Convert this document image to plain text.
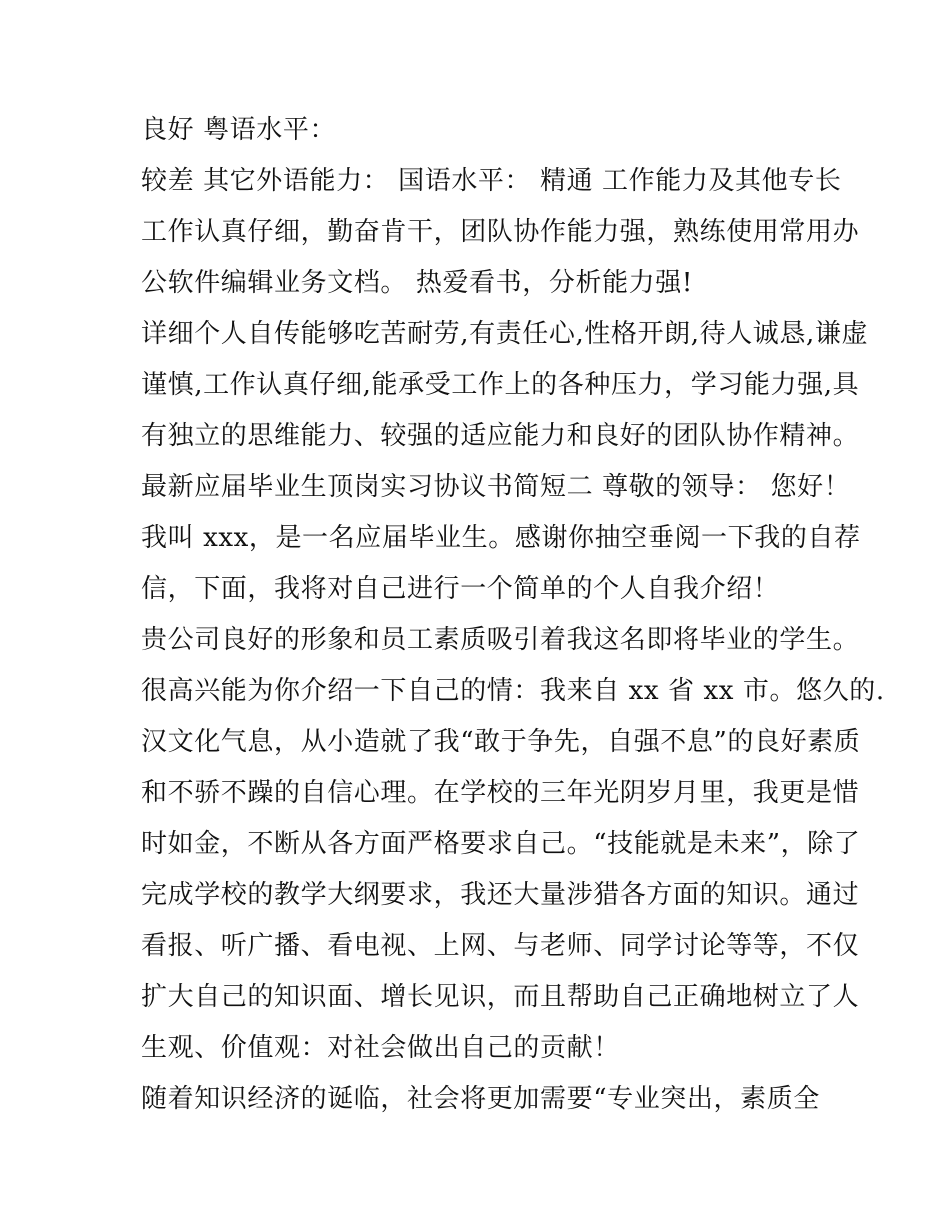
良好 粤语水平：
较差 其它外语能力： 国语水平： 精通 工作能力及其他专长
工作认真仔细，勤奋肯干，团队协作能力强，熟练使用常用办
公软件编辑业务文档。 热爱看书，分析能力强!
详细个人自传能够吃苦耐劳,有责任心,性格开朗,待人诚恳,谦虚
谨慎,工作认真仔细,能承受工作上的各种压力，学习能力强,具
有独立的思维能力、较强的适应能力和良好的团队协作精神。
最新应届毕业生顶岗实习协议书简短二 尊敬的领导： 您好！
我叫 xxx，是一名应届毕业生。感谢你抽空垂阅一下我的自荐
信，下面，我将对自己进行一个简单的个人自我介绍！
贵公司良好的形象和员工素质吸引着我这名即将毕业的学生。
很高兴能为你介绍一下自己的情：我来自 xx 省 xx 市。悠久的.
汉文化气息，从小造就了我“敢于争先，自强不息”的良好素质
和不骄不躁的自信心理。在学校的三年光阴岁月里，我更是惜
时如金，不断从各方面严格要求自己。“技能就是未来”，除了
完成学校的教学大纲要求，我还大量涉猎各方面的知识。通过
看报、听广播、看电视、上网、与老师、同学讨论等等，不仅
扩大自己的知识面、增长见识，而且帮助自己正确地树立了人
生观、价值观：对社会做出自己的贡献！
随着知识经济的诞临，社会将更加需要“专业突出，素质全
